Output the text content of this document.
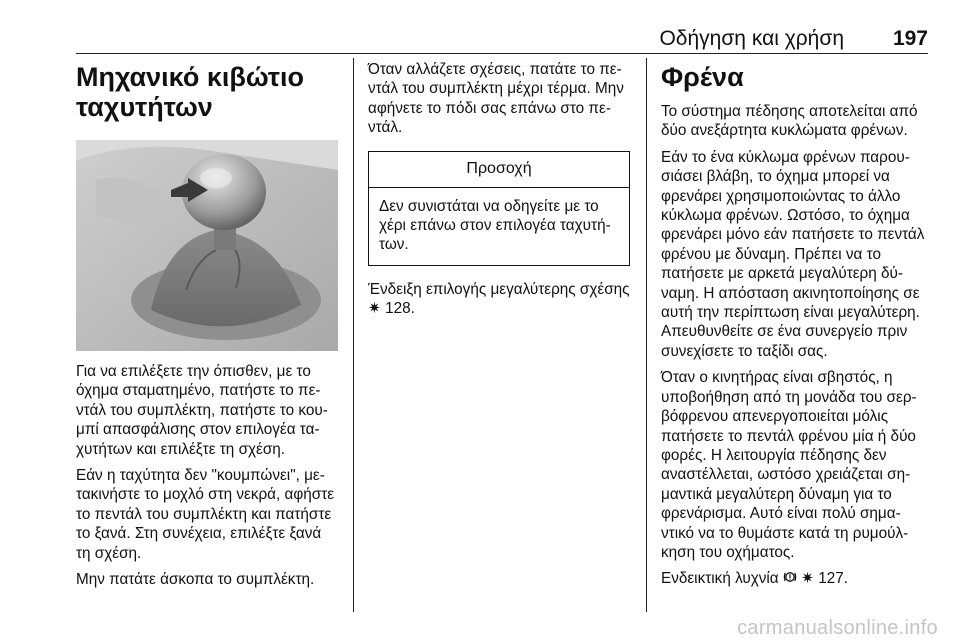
Οδήγηση και χρήση 197
Μηχανικό κιβώτιο ταχυτήτων

Για να επιλέξετε την όπισθεν, με το όχημα σταματημένο, πατήστε το πεντάλ του συμπλέκτη, πατήστε το κουμπί απασφάλισης στον επιλογέα ταχυτήτων και επιλέξτε τη σχέση.

Εάν η ταχύτητα δεν "κουμπώνει", μετακινήστε το μοχλό στη νεκρά, αφήστε το πεντάλ του συμπλέκτη και πατήστε το ξανά. Στη συνέχεια, επιλέξτε ξανά τη σχέση.

Μην πατάτε άσκοπα το συμπλέκτη.

Όταν αλλάζετε σχέσεις, πατάτε το πεντάλ του συμπλέκτη μέχρι τέρμα. Μην αφήνετε το πόδι σας επάνω στο πεντάλ.

Προσοχή
Δεν συνιστάται να οδηγείτε με το χέρι επάνω στον επιλογέα ταχυτήτων.

Ένδειξη επιλογής μεγαλύτερης σχέσης ✷ 128.

Φρένα

Το σύστημα πέδησης αποτελείται από δύο ανεξάρτητα κυκλώματα φρένων.

Εάν το ένα κύκλωμα φρένων παρουσιάσει βλάβη, το όχημα μπορεί να φρενάρει χρησιμοποιώντας το άλλο κύκλωμα φρένων. Ωστόσο, το όχημα φρενάρει μόνο εάν πατήσετε το πεντάλ φρένου με δύναμη. Πρέπει να το πατήσετε με αρκετά μεγαλύτερη δύναμη. Η απόσταση ακινητοποίησης σε αυτή την περίπτωση είναι μεγαλύτερη. Απευθυνθείτε σε ένα συνεργείο πριν συνεχίσετε το ταξίδι σας.

Όταν ο κινητήρας είναι σβηστός, η υποβοήθηση από τη μονάδα του σερβόφρενου απενεργοποιείται μόλις πατήσετε το πεντάλ φρένου μία ή δύο φορές. Η λειτουργία πέδησης δεν αναστέλλεται, ωστόσο χρειάζεται σημαντικά μεγαλύτερη δύναμη για το φρενάρισμα. Αυτό είναι πολύ σημαντικό να το θυμάστε κατά τη ρυμούλκηση του οχήματος.

Ενδεικτική λυχνία ✷ 127.

carmanualsonline.info
